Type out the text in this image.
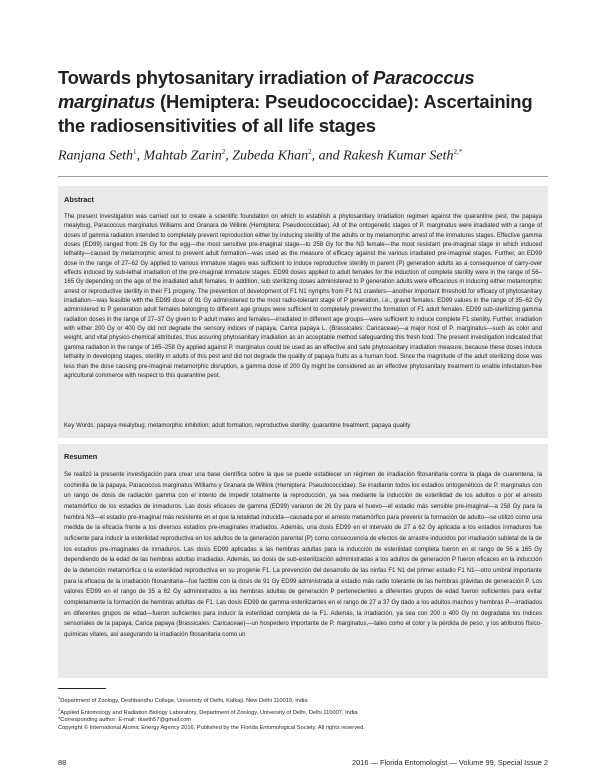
Towards phytosanitary irradiation of Paracoccus marginatus (Hemiptera: Pseudococcidae): Ascertaining the radiosensitivities of all life stages
Ranjana Seth$^1$, Mahtab Zarin$^2$, Zubeda Khan$^2$, and Rakesh Kumar Seth$^{2,*}$
Abstract
The present investigation was carried out to create a scientific foundation on which to establish a phytosanitary irradiation regimen against the quarantine pest, the papaya mealybug, Paracoccus marginatus Williams and Granara de Willink (Hemiptera: Pseudococcidae). All of the ontogenetic stages of P. marginatus were irradiated with a range of doses of gamma radiation intended to completely prevent reproduction either by inducing sterility of the adults or by metamorphic arrest of the immatures stages. Effective gamma doses (ED99) ranged from 26 Gy for the egg—the most sensitive pre-imaginal stage—to 258 Gy for the N3 female—the most resistant pre-imaginal stage in which induced lethality—caused by metamorphic arrest to prevent adult formation—was used as the measure of efficacy against the various irradiated pre-imaginal stages. Further, an ED99 dose in the range of 27–62 Gy applied to various immature stages was sufficient to induce reproductive sterility in parent (P) generation adults as a consequence of carry-over effects induced by sub-lethal irradiation of the pre-imaginal immature stages. ED99 doses applied to adult females for the induction of complete sterility were in the range of 56–165 Gy depending on the age of the irradiated adult females. In addition, sub sterilizing doses administered to P generation adults were efficacious in inducing either metamorphic arrest or reproductive sterility in their F1 progeny. The prevention of development of F1 N1 nymphs from F1 N1 crawlers—another important threshold for efficacy of phytosanitary irradiation—was feasible with the ED99 dose of 91 Gy administered to the most radio-tolerant stage of P generation, i.e., gravid females. ED99 values in the range of 35–62 Gy administered to P generation adult females belonging to different age groups were sufficient to completely prevent the formation of F1 adult females. ED99 sub-sterilizing gamma radiation doses in the range of 27–37 Gy given to P adult males and females—irradiated in different age groups—were sufficient to induce complete F1 sterility. Further, irradiation with either 200 Gy or 400 Gy did not degrade the sensory indices of papaya, Carica papaya L. (Brassicales: Caricaceae)—a major host of P. marginatus—such as color and weight, and vital physico-chemical attributes, thus assuring phytosanitary irradiation as an acceptable method safeguarding this fresh food. The present investigation indicated that gamma radiation in the range of 165–258 Gy applied against P. marginatus could be used as an effective and safe phytosanitary irradiation measure, because these doses induce lethality in developing stages, sterility in adults of this pest and did not degrade the quality of papaya fruits as a human food. Since the magnitude of the adult sterilizing dose was less than the dose causing pre-imaginal metamorphic disruption, a gamma dose of 200 Gy might be considered as an effective phytosanitary treatment to enable infestation-free agricultural commerce with respect to this quarantine pest.
Key Words: papaya mealybug; metamorphic inhibition; adult formation; reproductive sterility; quarantine treatment; papaya quality
Resumen
Se realizó la presente investigación para crear una base científica sobre la que se puede establecer un régimen de irradiación fitosanitaria contra la plaga de cuarentena, la cochinilla de la papaya, Paracoccus marginatus Williams y Granara de Willink (Hemiptera: Pseudococcidae). Se irradiaron todos los estadios ontogenéticos de P. marginatus con un rango de dosis de radiación gamma con el intento de impedir totalmente la reproducción, ya sea mediante la inducción de esterilidad de los adultos o por el arresto metamórfico de los estadios de inmaduros. Las dosis eficaces de gamma (ED99) variaron de 26 Gy para el huevo—el estadio más sensible pre-imaginal—a 258 Gy para la hembra N3—el estadio pre-imaginal más resistente en el que la letalidad inducida—causada por el arresto metamórfico para prevenir la formación de adulto—se utilizó como una medida de la eficacia frente a los diversos estadios pre-imaginales irradiados. Además, una dosis ED99 en el intervalo de 27 a 62 Gy aplicada a los estadios inmaduros fue suficiente para inducir la esterilidad reproductiva en los adultos de la generación parental (P) como consecuencia de efectos de arrastre inducidos por irradiación subletal de la de los estadios pre-imaginales de inmaduros. Las dosis ED99 aplicadas a las hembras adultas para la inducción de esterilidad completa fueron en el rango de 56 a 165 Gy dependiendo de la edad de las hembras adultas irradiadas. Además, las dosis de sub-esterilización administradas a los adultos de generación P fueron eficaces en la inducción de la detención metamórfica o la esterilidad reproductiva en su progenie F1. La prevención del desarrollo de las ninfas F1 N1 del primer estadio F1 N1—otro umbral importante para la eficacia de la irradiación fitosanitaria—fue factible con la dosis de 91 Gy ED99 administrada al estadio más radio tolerante de las hembras grávidas de generación P. Los valores ED99 en el rango de 35 a 62 Gy administrados a las hembras adultas de generación P pertenecientes a diferentes grupos de edad fueron suficientes para evitar completamente la formación de hembras adultas de F1. Las dosis ED99 de gamma esterilizantes en el rango de 27 a 37 Gy dado a los adultos machos y hembras P—irradiados en diferentes grupos de edad—fueron suficientes para inducir la esterilidad completa de la F1. Además, la irradiación, ya sea con 200 o 400 Gy no degradaba los índices sensoriales de la papaya, Carica papaya (Brassicales: Caricaceae)—un hospedero importante de P. marginatus,—tales como el color y la pérdida de peso, y los atributos físico-químicas vitales, así asegurando la irradiación fitosanitaria como un
$^1$Department of Zoology, Deshbandhu College, University of Delhi, Kalkaji, New Delhi 110019, India
$^2$Applied Entomology and Radiation Biology Laboratory, Department of Zoology, University of Delhi, Delhi 110007, India
*Corresponding author; E-mail: rkseth57@gmail.com
Copyright © International Atomic Energy Agency 2016. Published by the Florida Entomological Society. All rights reserved.
88	2016 — Florida Entomologist — Volume 99, Special Issue 2
